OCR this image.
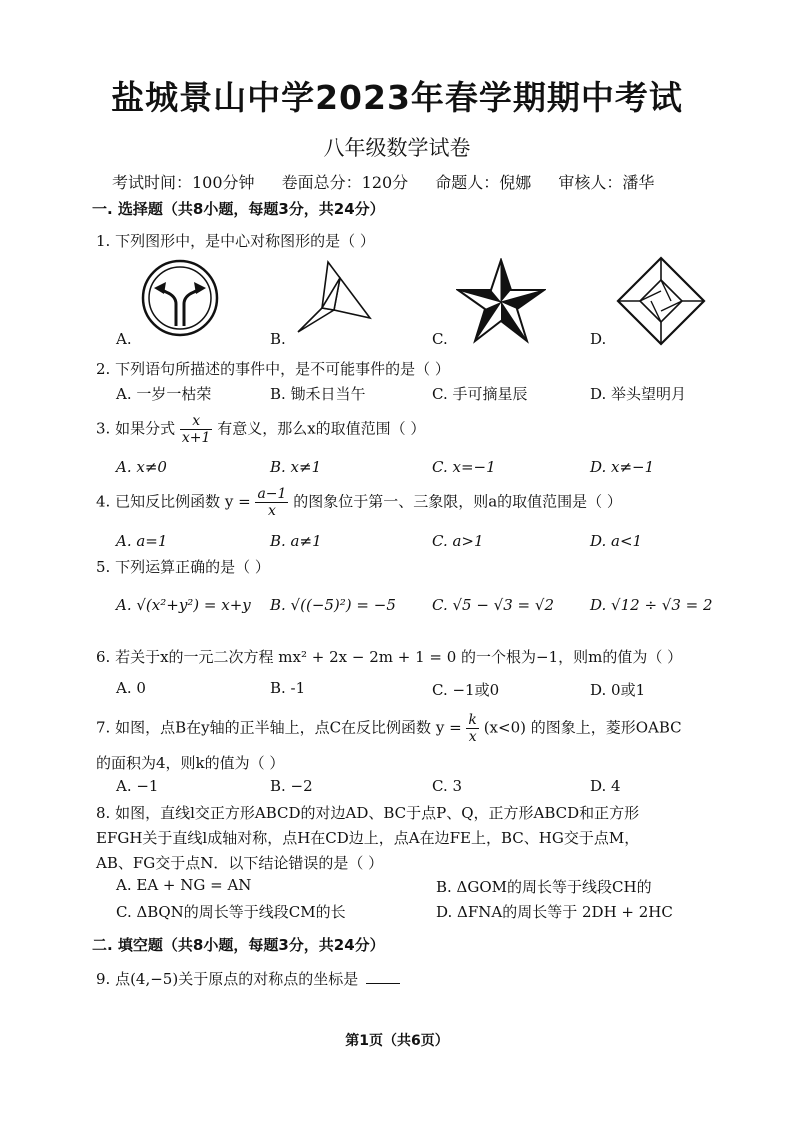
盐城景山中学2023年春学期期中考试
八年级数学试卷
考试时间：100分钟 卷面总分：120分 命题人：倪娜 审核人：潘华
一. 选择题（共8小题，每题3分，共24分）
1. 下列图形中，是中心对称图形的是（ ）
A.	B.	C.	D.
2. 下列语句所描述的事件中，是不可能事件的是（ ）
A. 一岁一枯荣	B. 锄禾日当午	C. 手可摘星辰	D. 举头望明月
3. 如果分式 $\frac{x}{x+1}$ 有意义，那么x的取值范围（ ）
A. x≠0	B. x≠1	C. x=−1	D. x≠−1
4. 已知反比例函数 $y = \frac{a-1}{x}$ 的图象位于第一、三象限，则a的取值范围是（ ）
A. a=1	B. a≠1	C. a>1	D. a<1
5. 下列运算正确的是（ ）
A. √(x²+y²) = x+y B. √((−5)²) = −5 C. √5 − √3 = √2 D. √12 ÷ √3 = 2
6. 若关于x的一元二次方程 mx² + 2x − 2m + 1 = 0 的一个根为−1，则m的值为（ ）
A. 0	B. -1	C. −1或0	D. 0或1
7. 如图，点B在y轴的正半轴上，点C在反比例函数 $y = \frac{k}{x} (x<0)$ 的图象上，菱形OABC
的面积为4，则k的值为（ ）
A. −1	B. −2	C. 3	D. 4
8. 如图，直线l交正方形ABCD的对边AD、BC于点P、Q，正方形ABCD和正方形
EFGH关于直线l成轴对称，点H在CD边上，点A在边FE上，BC、HG交于点M，
AB、FG交于点N．以下结论错误的是（ ）
A. EA + NG = AN	B. ΔGOM的周长等于线段CH的
C. ΔBQN的周长等于线段CM的长	D. ΔFNA的周长等于 2DH + 2HC
二. 填空题（共8小题，每题3分，共24分）
9. 点(4,−5)关于原点的对称点的坐标是
第1页（共6页）
